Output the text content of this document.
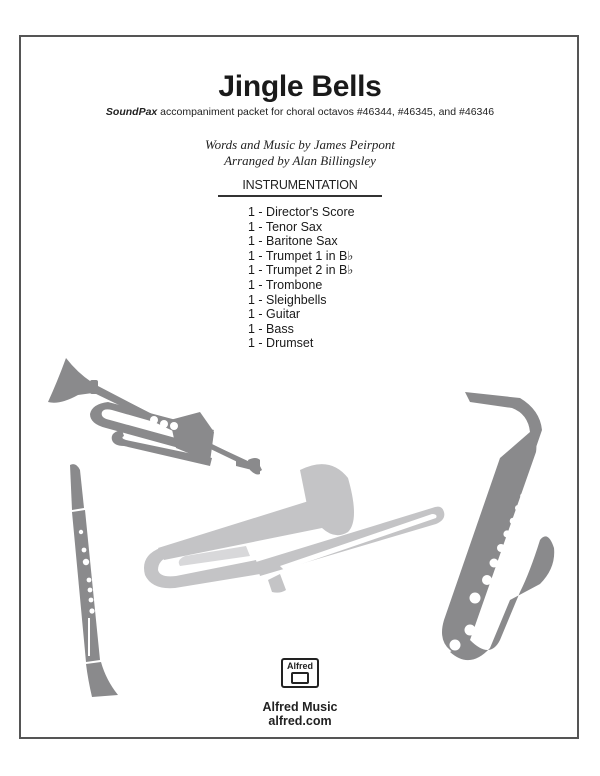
Jingle Bells
SoundPax accompaniment packet for choral octavos #46344, #46345, and #46346
Words and Music by James Peirpont
Arranged by Alan Billingsley
INSTRUMENTATION
1 - Director's Score
1 - Tenor Sax
1 - Baritone Sax
1 - Trumpet 1 in B♭
1 - Trumpet 2 in B♭
1 - Trombone
1 - Sleighbells
1 - Guitar
1 - Bass
1 - Drumset
Alfred
Alfred Music
alfred.com
